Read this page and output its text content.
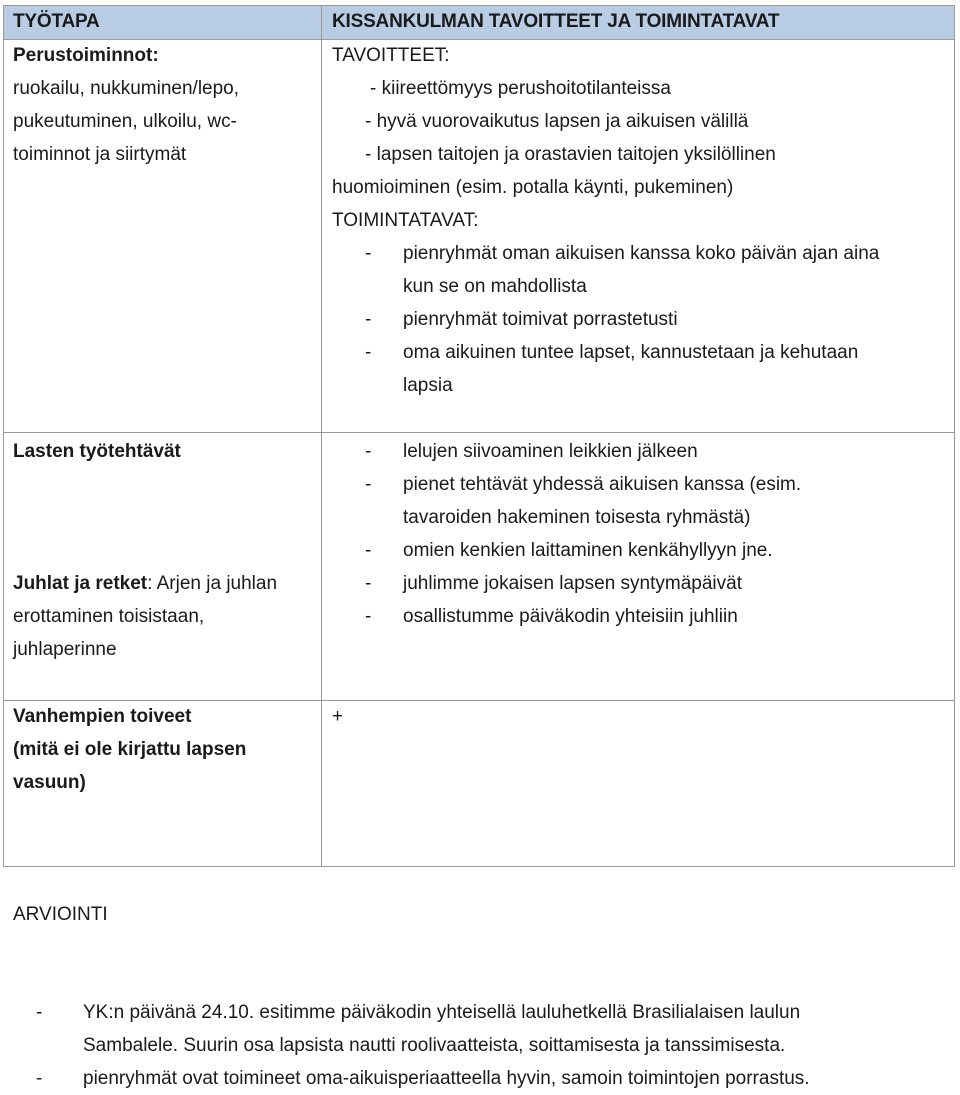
TYÖTAPA	KISSANKULMAN TAVOITTEET JA TOIMINTATAVAT
Perustoiminnot:
ruokailu, nukkuminen/lepo,
pukeutuminen, ulkoilu, wc-
toiminnot ja siirtymät
TAVOITTEET:
- kiireettömyys perushoitotilanteissa
- hyvä vuorovaikutus lapsen ja aikuisen välillä
- lapsen taitojen ja orastavien taitojen yksilöllinen
huomioiminen (esim. potalla käynti, pukeminen)
TOIMINTATAVAT:
- pienryhmät oman aikuisen kanssa koko päivän ajan aina
kun se on mahdollista
- pienryhmät toimivat porrastetusti
- oma aikuinen tuntee lapset, kannustetaan ja kehutaan
lapsia
Lasten työtehtävät	- lelujen siivoaminen leikkien jälkeen
- pienet tehtävät yhdessä aikuisen kanssa (esim.
tavaroiden hakeminen toisesta ryhmästä)
- omien kenkien laittaminen kenkähyllyyn jne.
Juhlat ja retket: Arjen ja juhlan
erottaminen toisistaan,
juhlaperinne
- juhlimme jokaisen lapsen syntymäpäivät
- osallistumme päiväkodin yhteisiin juhliin
Vanhempien toiveet
(mitä ei ole kirjattu lapsen
vasuun)
+
ARVIOINTI
- YK:n päivänä 24.10. esitimme päiväkodin yhteisellä lauluhetkellä Brasilialaisen laulun
Sambalele. Suurin osa lapsista nautti roolivaatteista, soittamisesta ja tanssimisesta.
- pienryhmät ovat toimineet oma-aikuisperiaatteella hyvin, samoin toimintojen porrastus.
